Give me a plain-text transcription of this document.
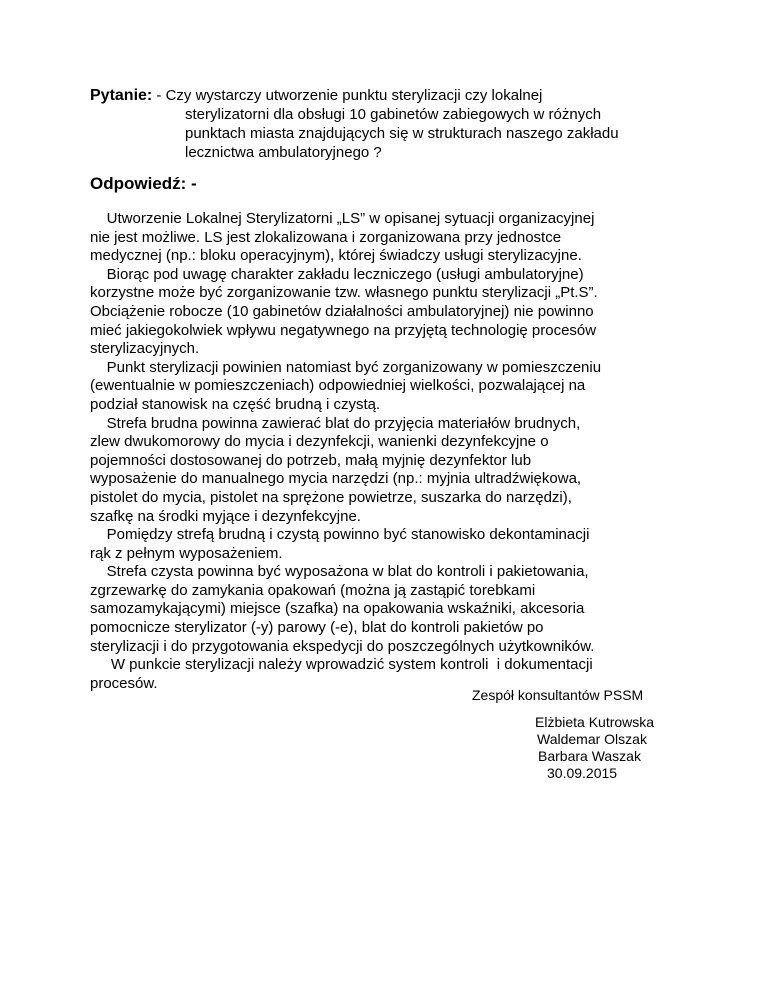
Pytanie: - Czy wystarczy utworzenie punktu sterylizacji czy lokalnej
sterylizatorni dla obsługi 10 gabinetów zabiegowych w różnych
punktach miasta znajdujących się w strukturach naszego zakładu
lecznictwa ambulatoryjnego ?
Odpowiedź: -
Utworzenie Lokalnej Sterylizatorni „LS” w opisanej sytuacji organizacyjnej
nie jest możliwe. LS jest zlokalizowana i zorganizowana przy jednostce
medycznej (np.: bloku operacyjnym), której świadczy usługi sterylizacyjne.
Biorąc pod uwagę charakter zakładu leczniczego (usługi ambulatoryjne)
korzystne może być zorganizowanie tzw. własnego punktu sterylizacji „Pt.S”.
Obciążenie robocze (10 gabinetów działalności ambulatoryjnej) nie powinno
mieć jakiegokolwiek wpływu negatywnego na przyjętą technologię procesów
sterylizacyjnych.
Punkt sterylizacji powinien natomiast być zorganizowany w pomieszczeniu
(ewentualnie w pomieszczeniach) odpowiedniej wielkości, pozwalającej na
podział stanowisk na część brudną i czystą.
Strefa brudna powinna zawierać blat do przyjęcia materiałów brudnych,
zlew dwukomorowy do mycia i dezynfekcji, wanienki dezynfekcyjne o
pojemności dostosowanej do potrzeb, małą myjnię dezynfektor lub
wyposażenie do manualnego mycia narzędzi (np.: myjnia ultradźwiękowa,
pistolet do mycia, pistolet na sprężone powietrze, suszarka do narzędzi),
szafkę na środki myjące i dezynfekcyjne.
Pomiędzy strefą brudną i czystą powinno być stanowisko dekontaminacji
rąk z pełnym wyposażeniem.
Strefa czysta powinna być wyposażona w blat do kontroli i pakietowania,
zgrzewarkę do zamykania opakowań (można ją zastąpić torebkami
samozamykającymi) miejsce (szafka) na opakowania wskaźniki, akcesoria
pomocnicze sterylizator (-y) parowy (-e), blat do kontroli pakietów po
sterylizacji i do przygotowania ekspedycji do poszczególnych użytkowników.
W punkcie sterylizacji należy wprowadzić system kontroli  i dokumentacji
procesów.
Zespół konsultantów PSSM
Elżbieta Kutrowska
Waldemar Olszak
Barbara Waszak
30.09.2015
